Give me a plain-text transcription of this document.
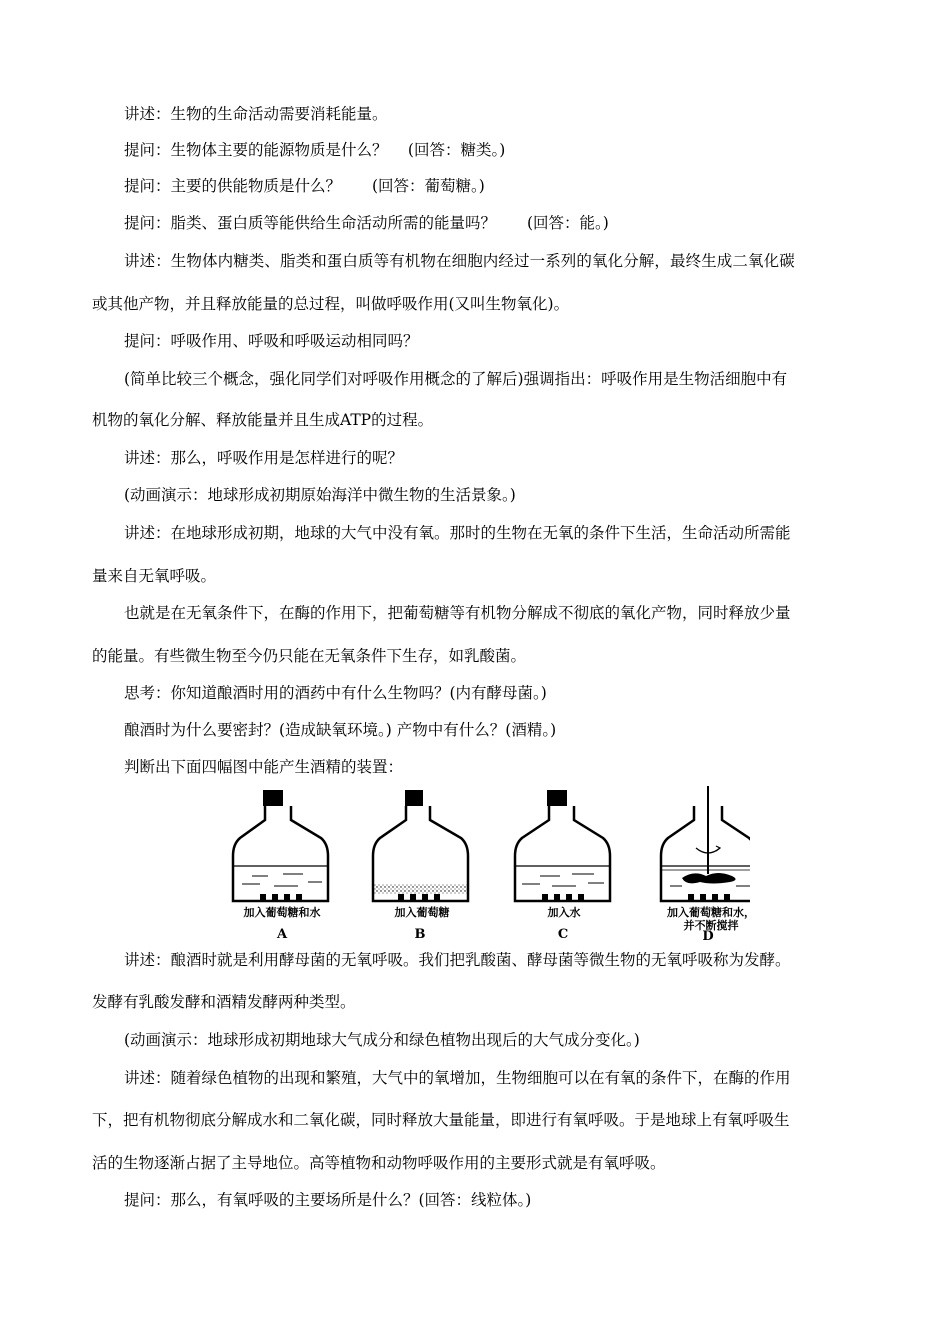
讲述：生物的生命活动需要消耗能量。
提问：生物体主要的能源物质是什么？　 (回答：糖类。)
提问：主要的供能物质是什么？　　(回答：葡萄糖。)
提问：脂类、蛋白质等能供给生命活动所需的能量吗？　　(回答：能。)
讲述：生物体内糖类、脂类和蛋白质等有机物在细胞内经过一系列的氧化分解，最终生成二氧化碳
或其他产物，并且释放能量的总过程，叫做呼吸作用(又叫生物氧化)。
提问：呼吸作用、呼吸和呼吸运动相同吗？
(简单比较三个概念，强化同学们对呼吸作用概念的了解后)强调指出：呼吸作用是生物活细胞中有
机物的氧化分解、释放能量并且生成ATP的过程。
讲述：那么，呼吸作用是怎样进行的呢？
(动画演示：地球形成初期原始海洋中微生物的生活景象。)
讲述：在地球形成初期，地球的大气中没有氧。那时的生物在无氧的条件下生活，生命活动所需能
量来自无氧呼吸。
也就是在无氧条件下，在酶的作用下，把葡萄糖等有机物分解成不彻底的氧化产物，同时释放少量
的能量。有些微生物至今仍只能在无氧条件下生存，如乳酸菌。
思考：你知道酿酒时用的酒药中有什么生物吗？(内有酵母菌。)
酿酒时为什么要密封？(造成缺氧环境。) 产物中有什么？(酒精。)
判断出下面四幅图中能产生酒精的装置：
加入葡萄糖和水
A
加入葡萄糖
B
加入水
C
加入葡萄糖和水，
并不断搅拌
D
讲述：酿酒时就是利用酵母菌的无氧呼吸。我们把乳酸菌、酵母菌等微生物的无氧呼吸称为发酵。
发酵有乳酸发酵和酒精发酵两种类型。
(动画演示：地球形成初期地球大气成分和绿色植物出现后的大气成分变化。)
讲述：随着绿色植物的出现和繁殖，大气中的氧增加，生物细胞可以在有氧的条件下，在酶的作用
下，把有机物彻底分解成水和二氧化碳，同时释放大量能量，即进行有氧呼吸。于是地球上有氧呼吸生
活的生物逐渐占据了主导地位。高等植物和动物呼吸作用的主要形式就是有氧呼吸。
提问：那么，有氧呼吸的主要场所是什么？(回答：线粒体。)
